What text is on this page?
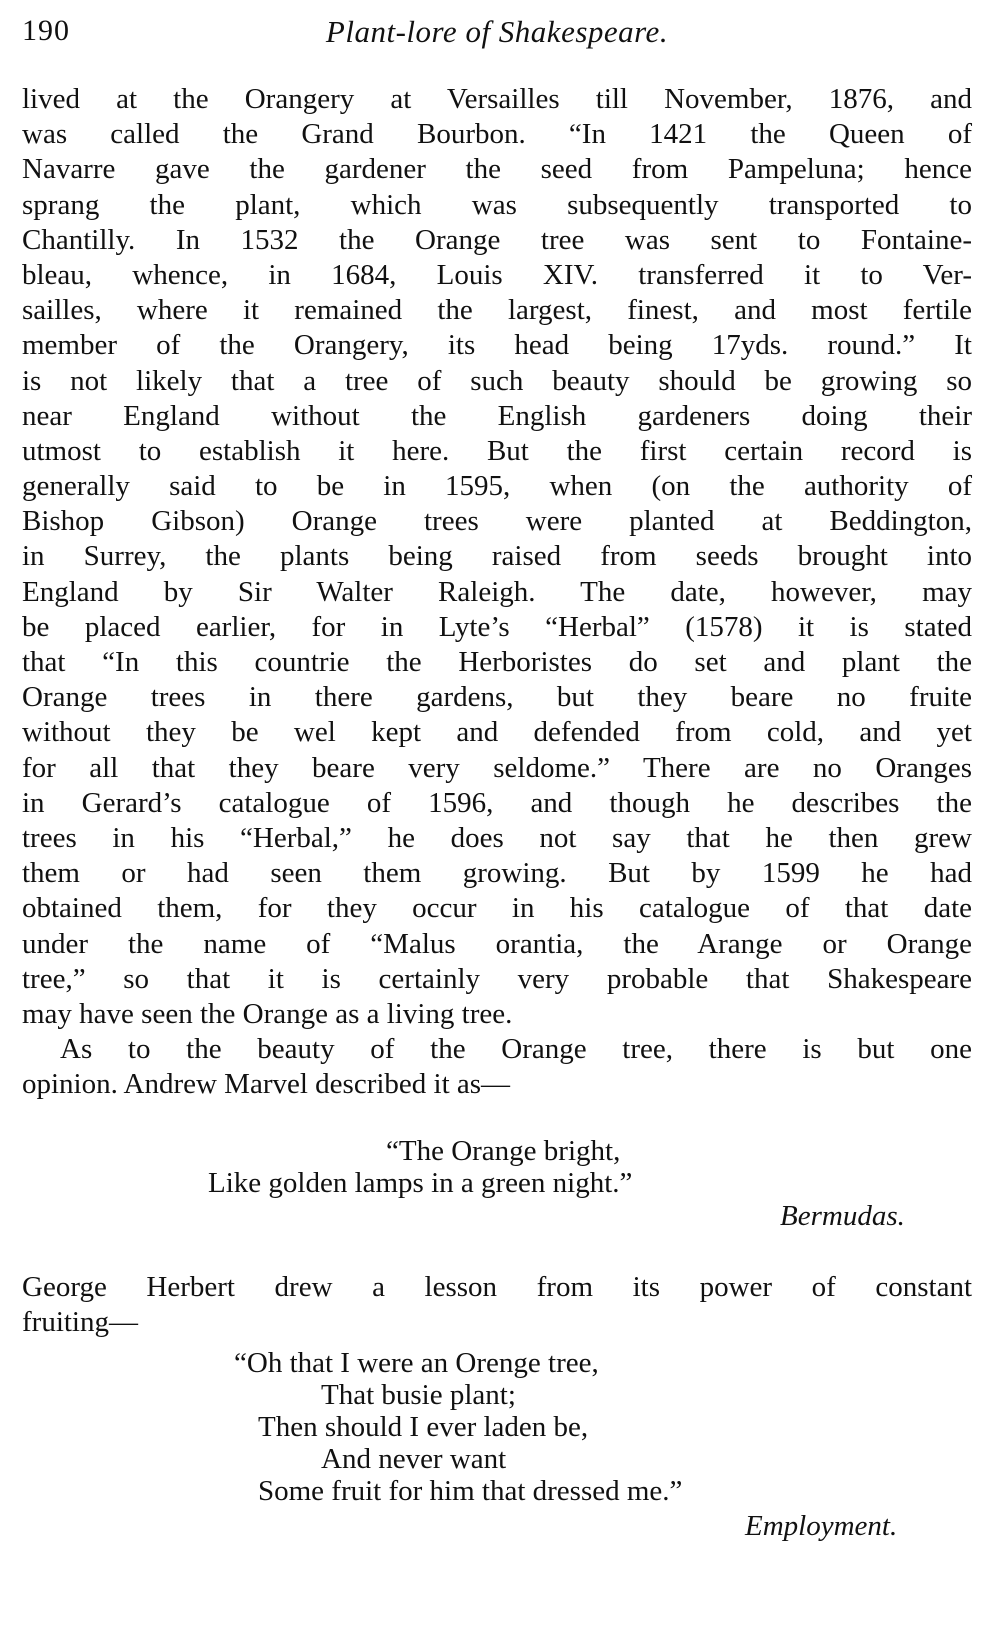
190	Plant-lore of Shakespeare.
lived at the Orangery at Versailles till November, 1876, and
was called the Grand Bourbon. “In 1421 the Queen of
Navarre gave the gardener the seed from Pampeluna; hence
sprang the plant, which was subsequently transported to
Chantilly. In 1532 the Orange tree was sent to Fontaine-
bleau, whence, in 1684, Louis XIV. transferred it to Ver-
sailles, where it remained the largest, finest, and most fertile
member of the Orangery, its head being 17yds. round.” It
is not likely that a tree of such beauty should be growing so
near England without the English gardeners doing their
utmost to establish it here. But the first certain record is
generally said to be in 1595, when (on the authority of
Bishop Gibson) Orange trees were planted at Beddington,
in Surrey, the plants being raised from seeds brought into
England by Sir Walter Raleigh. The date, however, may
be placed earlier, for in Lyte’s “Herbal” (1578) it is stated
that “In this countrie the Herboristes do set and plant the
Orange trees in there gardens, but they beare no fruite
without they be wel kept and defended from cold, and yet
for all that they beare very seldome.” There are no Oranges
in Gerard’s catalogue of 1596, and though he describes the
trees in his “Herbal,” he does not say that he then grew
them or had seen them growing. But by 1599 he had
obtained them, for they occur in his catalogue of that date
under the name of “Malus orantia, the Arange or Orange
tree,” so that it is certainly very probable that Shakespeare
may have seen the Orange as a living tree.
As to the beauty of the Orange tree, there is but one
opinion. Andrew Marvel described it as—
“The Orange bright,
Like golden lamps in a green night.”
Bermudas.
George Herbert drew a lesson from its power of constant
fruiting—
“Oh that I were an Orenge tree,
That busie plant;
Then should I ever laden be,
And never want
Some fruit for him that dressed me.”
Employment.
